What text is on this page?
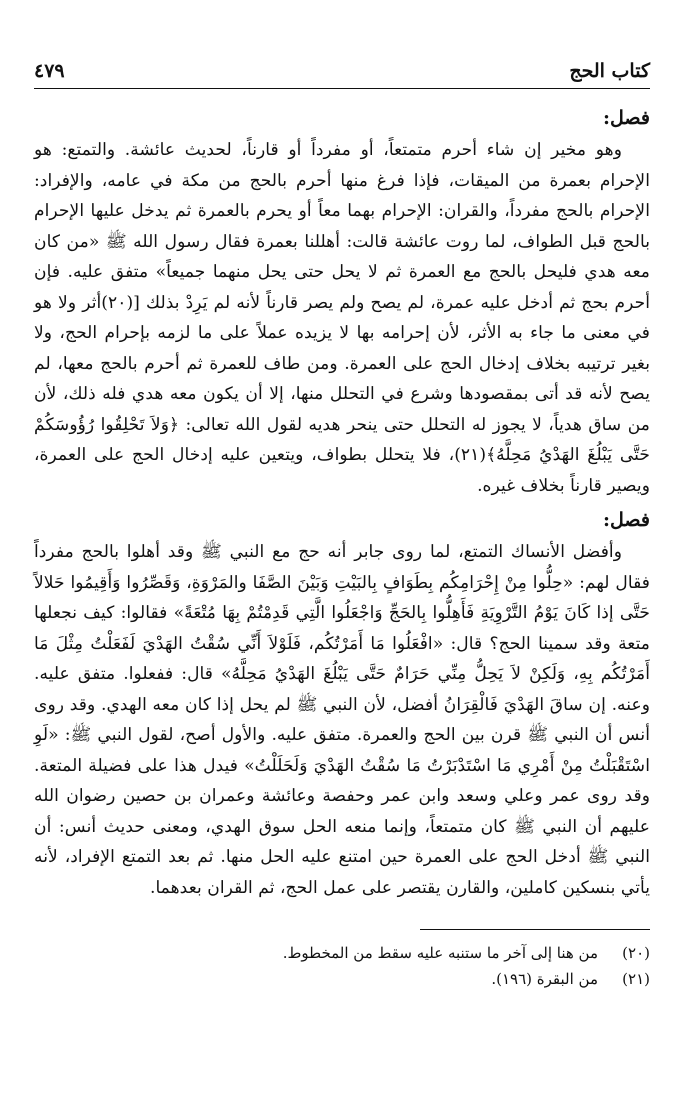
كتاب الحج
٤٧٩
فصل:

وهو مخير إن شاء أحرم متمتعاً، أو مفرداً أو قارناً، لحديث عائشة. والتمتع: هو الإحرام بعمرة من الميقات، فإذا فرغ منها أحرم بالحج من مكة في عامه، والإفراد: الإحرام بالحج مفرداً، والقران: الإحرام بهما معاً أو يحرم بالعمرة ثم يدخل عليها الإحرام بالحج قبل الطواف، لما روت عائشة قالت: أهللنا بعمرة فقال رسول الله ﷺ «من كان معه هدي فليحل بالحج مع العمرة ثم لا يحل حتى يحل منهما جميعاً» متفق عليه. فإن أحرم بحج ثم أدخل عليه عمرة، لم يصح ولم يصر قارناً لأنه لم يَرِدْ بذلك [(٢٠)أثر ولا هو في معنى ما جاء به الأثر، لأن إحرامه بها لا يزيده عملاً على ما لزمه بإحرام الحج، ولا بغير ترتيبه بخلاف إدخال الحج على العمرة. ومن طاف للعمرة ثم أحرم بالحج معها، لم يصح لأنه قد أتى بمقصودها وشرع في التحلل منها، إلا أن يكون معه هدي فله ذلك، لأن من ساق هدياً، لا يجوز له التحلل حتى ينحر هديه لقول الله تعالى: ﴿وَلاَ تَحْلِقُوا رُؤُوسَكُمْ حَتَّى يَبْلُغَ الهَدْيُ مَحِلَّهُ﴾(٢١)، فلا يتحلل بطواف، ويتعين عليه إدخال الحج على العمرة، ويصير قارناً بخلاف غيره.

فصل:

وأفضل الأنساك التمتع، لما روى جابر أنه حج مع النبي ﷺ وقد أهلوا بالحج مفرداً فقال لهم: «حِلُّوا مِنْ إِحْرَامِكُم بِطَوَافٍ بِالبَيْتِ وَبَيْنَ الصَّفَا والمَرْوَةِ، وَقَصِّرُوا وَأَقِيمُوا حَلالاً حَتَّى إذا كَانَ يَوْمُ التَّرْوِيَةِ فَأَهِلُّوا بِالحَجِّ وَاجْعَلُوا الَّتِي قَدِمْتُمْ بِهَا مُتْعَةً» فقالوا: كيف نجعلها متعة وقد سمينا الحج؟ قال: «افْعَلُوا مَا أَمَرْتُكُم، فَلَوْلاَ أَنِّي سُقْتُ الهَدْيَ لَفَعَلْتُ مِثْلَ مَا أَمَرْتُكُم بِهِ، وَلَكِنْ لاَ يَحِلُّ مِنِّي حَرَامٌ حَتَّى يَبْلُغَ الهَدْيُ مَحِلَّهُ» قال: ففعلوا. متفق عليه. وعنه. إن ساقَ الهَدْيَ فَالْقِرَانُ أفضل، لأن النبي ﷺ لم يحل إذا كان معه الهدي. وقد روى أنس أن النبي ﷺ قرن بين الحج والعمرة. متفق عليه. والأول أصح، لقول النبي ﷺ: «لَوِ اسْتَقْبَلْتُ مِنْ أَمْرِي مَا اسْتَدْبَرْتُ مَا سُقْتُ الهَدْيَ وَلَحَلَلْتُ» فيدل هذا على فضيلة المتعة. وقد روى عمر وعلي وسعد وابن عمر وحفصة وعائشة وعمران بن حصين رضوان الله عليهم أن النبي ﷺ كان متمتعاً، وإنما منعه الحل سوق الهدي، ومعنى حديث أنس: أن النبي ﷺ أدخل الحج على العمرة حين امتنع عليه الحل منها. ثم بعد التمتع الإفراد، لأنه يأتي بنسكين كاملين، والقارن يقتصر على عمل الحج، ثم القران بعدهما.

(٢٠)
من هنا إلى آخر ما ستنبه عليه سقط من المخطوط.
(٢١)
من البقرة (١٩٦).
